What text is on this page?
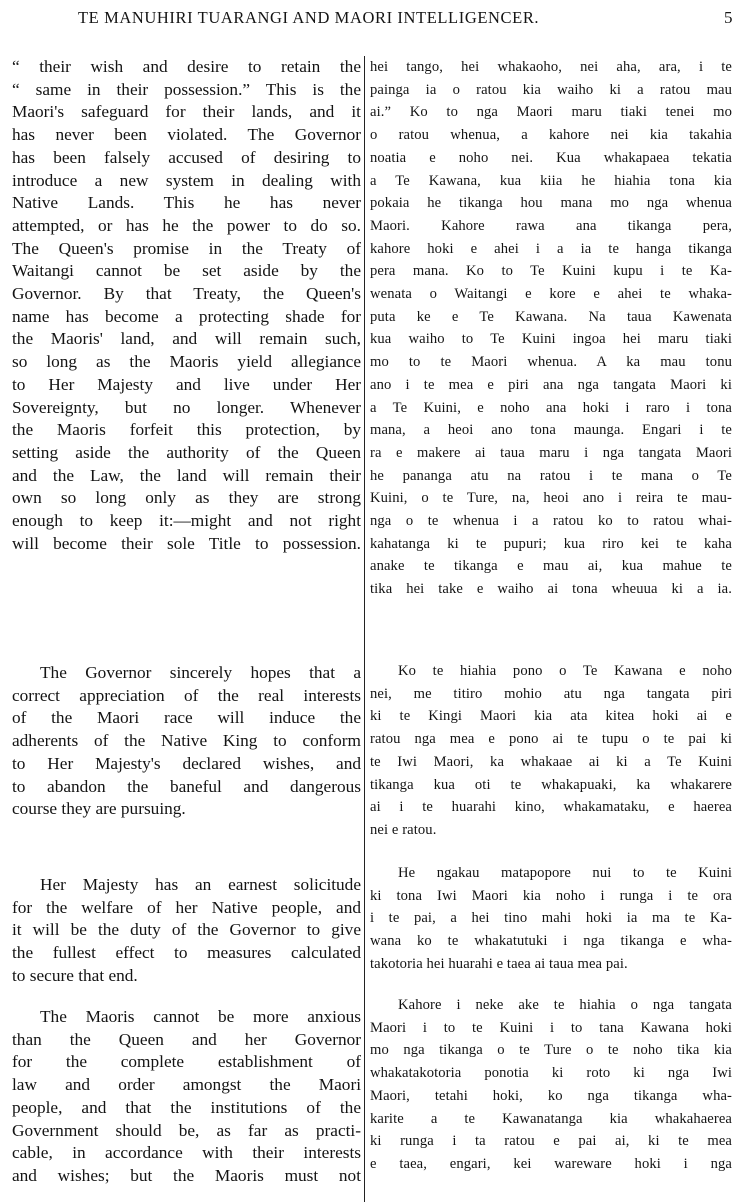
TE MANUHIRI TUARANGI AND MAORI INTELLIGENCER.	5

“ their wish and desire to retain the
“ same in their possession.” This is the
Maori's safeguard for their lands, and it
has never been violated. The Governor
has been falsely accused of desiring to
introduce a new system in dealing with
Native Lands. This he has never
attempted, or has he the power to do so.
The Queen's promise in the Treaty of
Waitangi cannot be set aside by the
Governor. By that Treaty, the Queen's
name has become a protecting shade for
the Maoris' land, and will remain such,
so long as the Maoris yield allegiance
to Her Majesty and live under Her
Sovereignty, but no longer. Whenever
the Maoris forfeit this protection, by
setting aside the authority of the Queen
and the Law, the land will remain their
own so long only as they are strong
enough to keep it:—might and not right
will become their sole Title to possession.

The Governor sincerely hopes that a
correct appreciation of the real interests
of the Maori race will induce the
adherents of the Native King to conform
to Her Majesty's declared wishes, and
to abandon the baneful and dangerous
course they are pursuing.

Her Majesty has an earnest solicitude
for the welfare of her Native people, and
it will be the duty of the Governor to give
the fullest effect to measures calculated
to secure that end.

The Maoris cannot be more anxious
than the Queen and her Governor
for the complete establishment of
law and order amongst the Maori
people, and that the institutions of the
Government should be, as far as practi-
cable, in accordance with their interests
and wishes; but the Maoris must not

hei tango, hei whakaoho, nei aha, ara, i te
painga ia o ratou kia waiho ki a ratou mau
ai.” Ko to nga Maori maru tiaki tenei mo
o ratou whenua, a kahore nei kia takahia
noatia e noho nei. Kua whakapaea tekatia
a Te Kawana, kua kiia he hiahia tona kia
pokaia he tikanga hou mana mo nga whenua
Maori. Kahore rawa ana tikanga pera,
kahore hoki e ahei i a ia te hanga tikanga
pera mana. Ko to Te Kuini kupu i te Ka-
wenata o Waitangi e kore e ahei te whaka-
puta ke e Te Kawana. Na taua Kawenata
kua waiho to Te Kuini ingoa hei maru tiaki
mo to te Maori whenua. A ka mau tonu
ano i te mea e piri ana nga tangata Maori ki
a Te Kuini, e noho ana hoki i raro i tona
mana, a heoi ano tona maunga. Engari i te
ra e makere ai taua maru i nga tangata Maori
he pananga atu na ratou i te mana o Te
Kuini, o te Ture, na, heoi ano i reira te mau-
nga o te whenua i a ratou ko to ratou whai-
kahatanga ki te pupuri; kua riro kei te kaha
anake te tikanga e mau ai, kua mahue te
tika hei take e waiho ai tona wheuua ki a ia.

Ko te hiahia pono o Te Kawana e noho
nei, me titiro mohio atu nga tangata piri
ki te Kingi Maori kia ata kitea hoki ai e
ratou nga mea e pono ai te tupu o te pai ki
te Iwi Maori, ka whakaae ai ki a Te Kuini
tikanga kua oti te whakapuaki, ka whakarere
ai i te huarahi kino, whakamataku, e haerea
nei e ratou.

He ngakau matapopore nui to te Kuini
ki tona Iwi Maori kia noho i runga i te ora
i te pai, a hei tino mahi hoki ia ma te Ka-
wana ko te whakatutuki i nga tikanga e wha-
takotoria hei huarahi e taea ai taua mea pai.

Kahore i neke ake te hiahia o nga tangata
Maori i to te Kuini i to tana Kawana hoki
mo nga tikanga o te Ture o te noho tika kia
whakatakotoria ponotia ki roto ki nga Iwi
Maori, tetahi hoki, ko nga tikanga wha-
karite a te Kawanatanga kia whakahaerea
ki runga i ta ratou e pai ai, ki te mea
e taea, engari, kei wareware hoki i nga
